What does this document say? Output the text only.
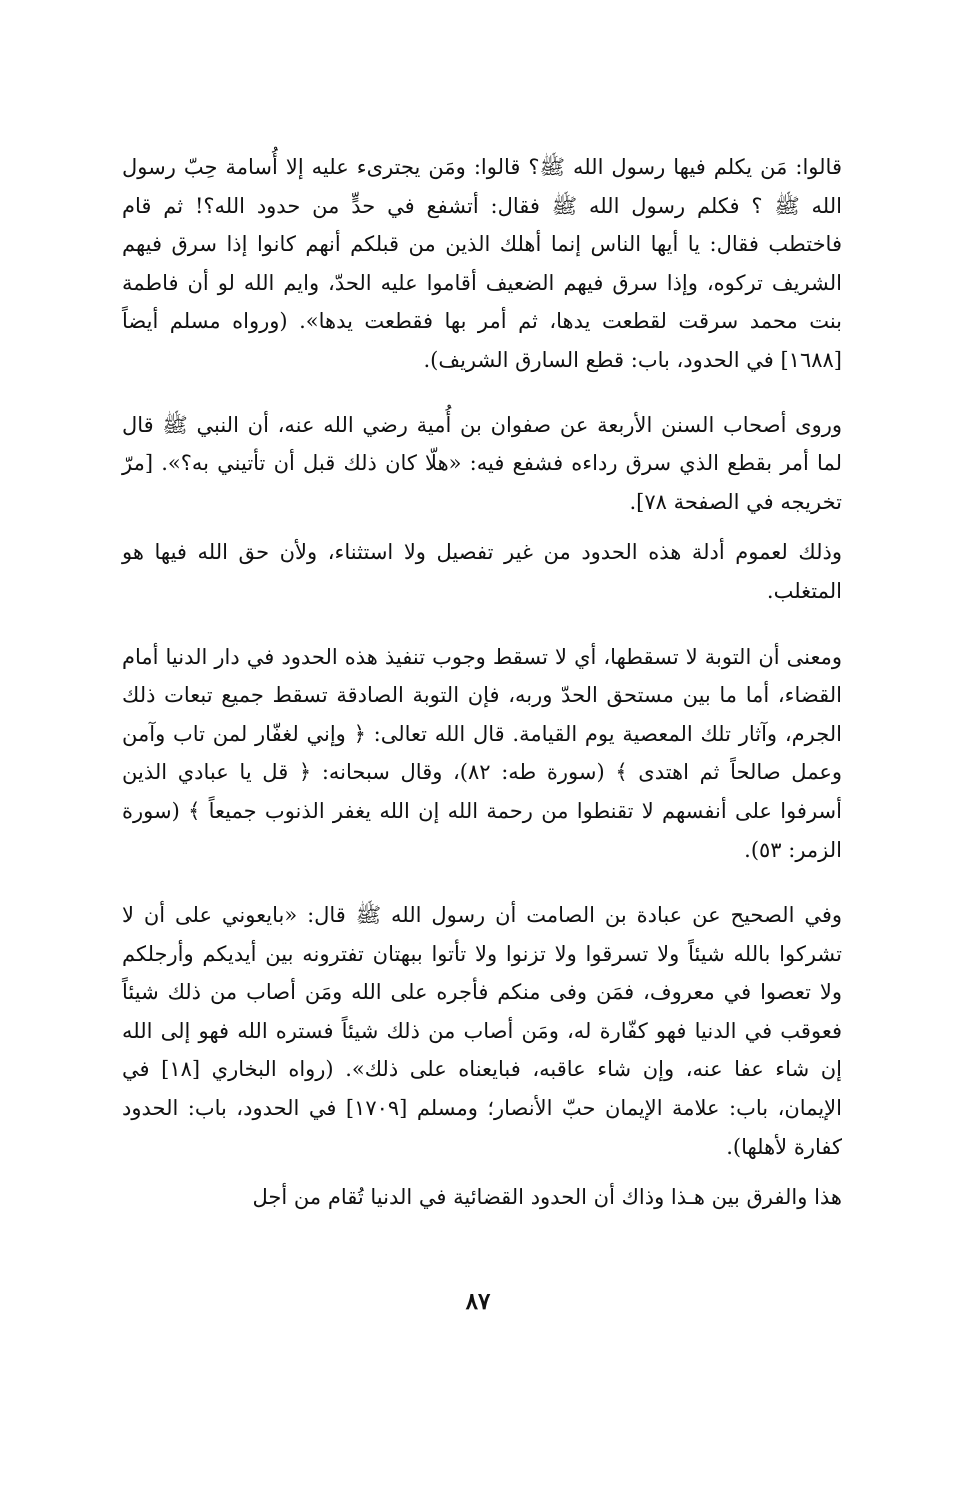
قالوا: مَن يكلم فيها رسول الله ﷺ؟ قالوا: ومَن يجترىء عليه إلا أُسامة حِبّ رسول الله ﷺ ؟ فكلم رسول الله ﷺ فقال: أتشفع في حدٍّ من حدود الله؟! ثم قام فاختطب فقال: يا أيها الناس إنما أهلك الذين من قبلكم أنهم كانوا إذا سرق فيهم الشريف تركوه، وإذا سرق فيهم الضعيف أقاموا عليه الحدّ، وايم الله لو أن فاطمة بنت محمد سرقت لقطعت يدها، ثم أمر بها فقطعت يدها». (ورواه مسلم أيضاً [١٦٨٨] في الحدود، باب: قطع السارق الشريف).

وروى أصحاب السنن الأربعة عن صفوان بن أُمية رضي الله عنه، أن النبي ﷺ قال لما أمر بقطع الذي سرق رداءه فشفع فيه: «هلّا كان ذلك قبل أن تأتيني به؟». [مرّ تخريجه في الصفحة ٧٨].

وذلك لعموم أدلة هذه الحدود من غير تفصيل ولا استثناء، ولأن حق الله فيها هو المتغلب.

ومعنى أن التوبة لا تسقطها، أي لا تسقط وجوب تنفيذ هذه الحدود في دار الدنيا أمام القضاء، أما ما بين مستحق الحدّ وربه، فإن التوبة الصادقة تسقط جميع تبعات ذلك الجرم، وآثار تلك المعصية يوم القيامة. قال الله تعالى: ﴿ وإني لغفّار لمن تاب وآمن وعمل صالحاً ثم اهتدى ﴾ (سورة طه: ٨٢)، وقال سبحانه: ﴿ قل يا عبادي الذين أسرفوا على أنفسهم لا تقنطوا من رحمة الله إن الله يغفر الذنوب جميعاً ﴾ (سورة الزمر: ٥٣).

وفي الصحيح عن عبادة بن الصامت أن رسول الله ﷺ قال: «بايعوني على أن لا تشركوا بالله شيئاً ولا تسرقوا ولا تزنوا ولا تأتوا ببهتان تفترونه بين أيديكم وأرجلكم ولا تعصوا في معروف، فمَن وفى منكم فأجره على الله ومَن أصاب من ذلك شيئاً فعوقب في الدنيا فهو كفّارة له، ومَن أصاب من ذلك شيئاً فستره الله فهو إلى الله إن شاء عفا عنه، وإن شاء عاقبه، فبايعناه على ذلك». (رواه البخاري [١٨] في الإيمان، باب: علامة الإيمان حبّ الأنصار؛ ومسلم [١٧٠٩] في الحدود، باب: الحدود كفارة لأهلها).

هذا والفرق بين هـذا وذاك أن الحدود القضائية في الدنيا تُقام من أجل

٨٧
